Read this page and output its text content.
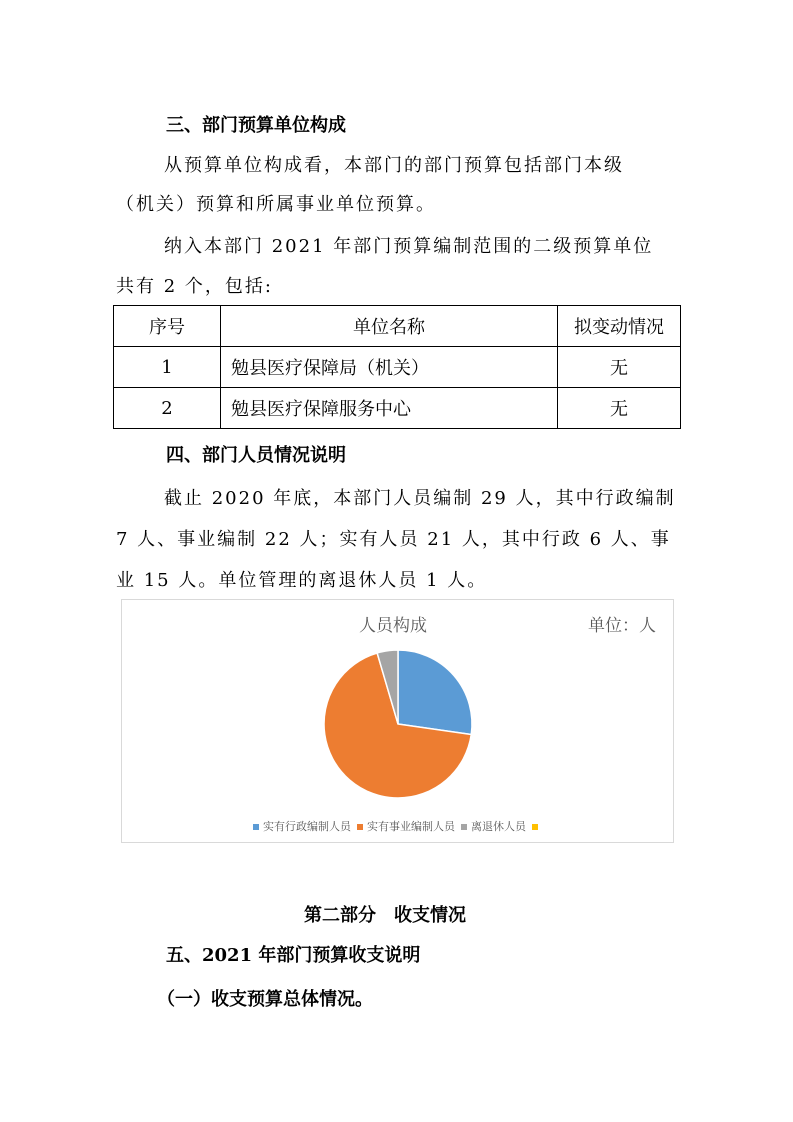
三、部门预算单位构成
从预算单位构成看，本部门的部门预算包括部门本级
（机关）预算和所属事业单位预算。
纳入本部门 2021 年部门预算编制范围的二级预算单位
共有 2 个，包括:
序号	单位名称	拟变动情况
1	勉县医疗保障局（机关）	无
2	勉县医疗保障服务中心	无
四、部门人员情况说明
截止 2020 年底，本部门人员编制 29 人，其中行政编制
7 人、事业编制 22 人；实有人员 21 人，其中行政 6 人、事
业 15 人。单位管理的离退休人员 1 人。
人员构成	单位：人
实有行政编制人员 实有事业编制人员 离退休人员
第二部分　收支情况
五、2021 年部门预算收支说明
（一）收支预算总体情况。
